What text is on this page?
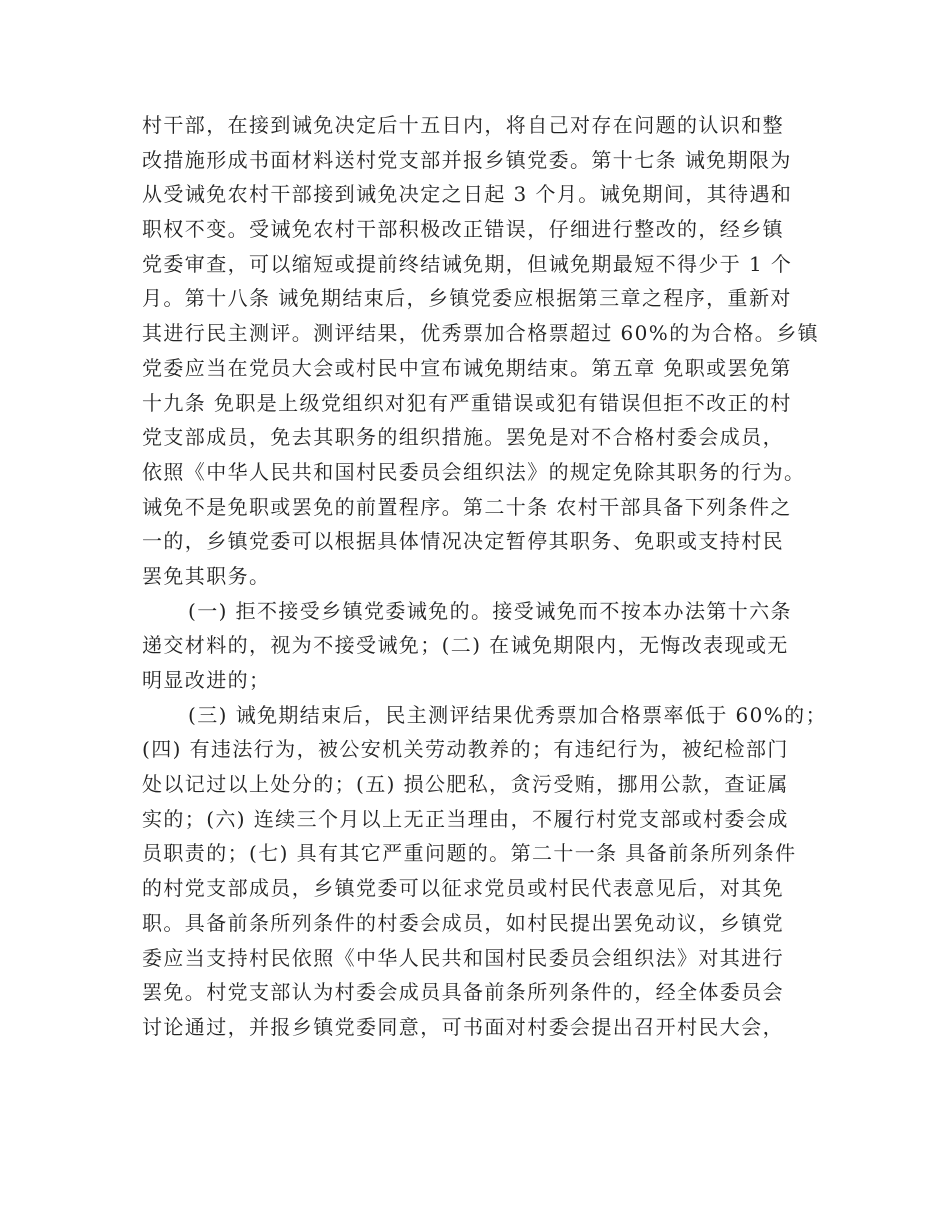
村干部，在接到诫免决定后十五日内，将自己对存在问题的认识和整
改措施形成书面材料送村党支部并报乡镇党委。第十七条 诫免期限为
从受诫免农村干部接到诫免决定之日起 3 个月。诫免期间，其待遇和
职权不变。受诫免农村干部积极改正错误，仔细进行整改的，经乡镇
党委审查，可以缩短或提前终结诫免期，但诫免期最短不得少于 1 个
月。第十八条 诫免期结束后，乡镇党委应根据第三章之程序，重新对
其进行民主测评。测评结果，优秀票加合格票超过 60%的为合格。乡镇
党委应当在党员大会或村民中宣布诫免期结束。第五章 免职或罢免第
十九条 免职是上级党组织对犯有严重错误或犯有错误但拒不改正的村
党支部成员，免去其职务的组织措施。罢免是对不合格村委会成员，
依照《中华人民共和国村民委员会组织法》的规定免除其职务的行为。
诫免不是免职或罢免的前置程序。第二十条 农村干部具备下列条件之
一的，乡镇党委可以根据具体情况决定暂停其职务、免职或支持村民
罢免其职务。
(一) 拒不接受乡镇党委诫免的。接受诫免而不按本办法第十六条
递交材料的，视为不接受诫免；(二) 在诫免期限内，无悔改表现或无
明显改进的；
(三) 诫免期结束后，民主测评结果优秀票加合格票率低于 60%的；
(四) 有违法行为，被公安机关劳动教养的；有违纪行为，被纪检部门
处以记过以上处分的；(五) 损公肥私，贪污受贿，挪用公款，查证属
实的；(六) 连续三个月以上无正当理由，不履行村党支部或村委会成
员职责的；(七) 具有其它严重问题的。第二十一条 具备前条所列条件
的村党支部成员，乡镇党委可以征求党员或村民代表意见后，对其免
职。具备前条所列条件的村委会成员，如村民提出罢免动议，乡镇党
委应当支持村民依照《中华人民共和国村民委员会组织法》对其进行
罢免。村党支部认为村委会成员具备前条所列条件的，经全体委员会
讨论通过，并报乡镇党委同意，可书面对村委会提出召开村民大会，
